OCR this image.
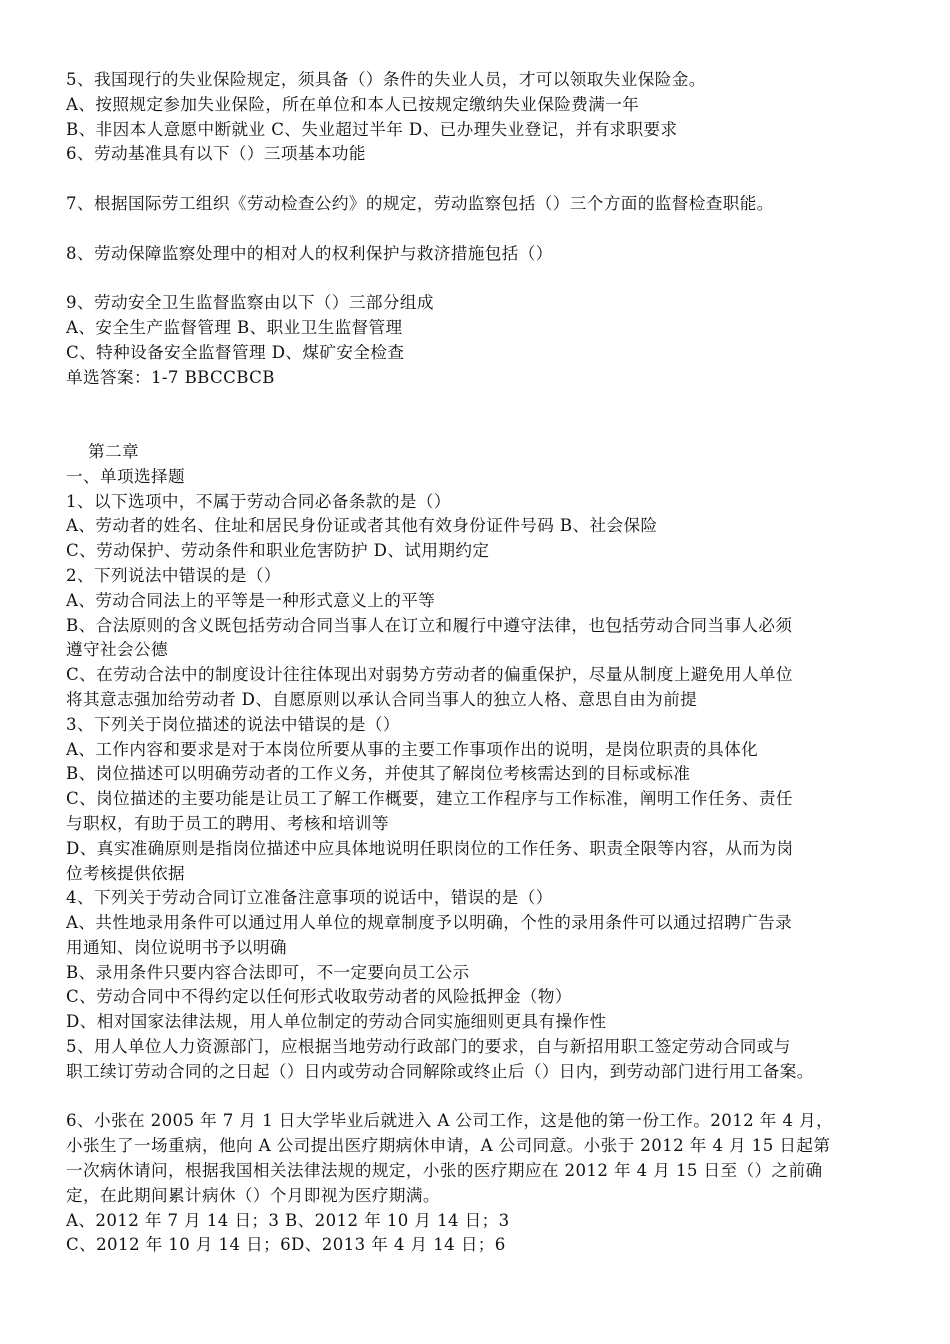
5、我国现行的失业保险规定，须具备（）条件的失业人员，才可以领取失业保险金。
A、按照规定参加失业保险，所在单位和本人已按规定缴纳失业保险费满一年
B、非因本人意愿中断就业 C、失业超过半年 D、已办理失业登记，并有求职要求
6、劳动基准具有以下（）三项基本功能

7、根据国际劳工组织《劳动检查公约》的规定，劳动监察包括（）三个方面的监督检查职能。

8、劳动保障监察处理中的相对人的权利保护与救济措施包括（）

9、劳动安全卫生监督监察由以下（）三部分组成
A、安全生产监督管理 B、职业卫生监督管理
C、特种设备安全监督管理 D、煤矿安全检查
单选答案：1-7 BBCCBCB

第二章
一、单项选择题
1、以下选项中，不属于劳动合同必备条款的是（）
A、劳动者的姓名、住址和居民身份证或者其他有效身份证件号码 B、社会保险
C、劳动保护、劳动条件和职业危害防护 D、试用期约定
2、下列说法中错误的是（）
A、劳动合同法上的平等是一种形式意义上的平等
B、合法原则的含义既包括劳动合同当事人在订立和履行中遵守法律，也包括劳动合同当事人必须
遵守社会公德
C、在劳动合法中的制度设计往往体现出对弱势方劳动者的偏重保护，尽量从制度上避免用人单位
将其意志强加给劳动者 D、自愿原则以承认合同当事人的独立人格、意思自由为前提
3、下列关于岗位描述的说法中错误的是（）
A、工作内容和要求是对于本岗位所要从事的主要工作事项作出的说明，是岗位职责的具体化
B、岗位描述可以明确劳动者的工作义务，并使其了解岗位考核需达到的目标或标准
C、岗位描述的主要功能是让员工了解工作概要，建立工作程序与工作标准，阐明工作任务、责任
与职权，有助于员工的聘用、考核和培训等
D、真实准确原则是指岗位描述中应具体地说明任职岗位的工作任务、职责全限等内容，从而为岗
位考核提供依据
4、下列关于劳动合同订立准备注意事项的说话中，错误的是（）
A、共性地录用条件可以通过用人单位的规章制度予以明确，个性的录用条件可以通过招聘广告录
用通知、岗位说明书予以明确
B、录用条件只要内容合法即可，不一定要向员工公示
C、劳动合同中不得约定以任何形式收取劳动者的风险抵押金（物）
D、相对国家法律法规，用人单位制定的劳动合同实施细则更具有操作性
5、用人单位人力资源部门，应根据当地劳动行政部门的要求，自与新招用职工签定劳动合同或与
职工续订劳动合同的之日起（）日内或劳动合同解除或终止后（）日内，到劳动部门进行用工备案。

6、小张在 2005 年 7 月 1 日大学毕业后就进入 A 公司工作，这是他的第一份工作。2012 年 4 月，
小张生了一场重病，他向 A 公司提出医疗期病休申请，A 公司同意。小张于 2012 年 4 月 15 日起第
一次病休请问，根据我国相关法律法规的规定，小张的医疗期应在 2012 年 4 月 15 日至（）之前确
定，在此期间累计病休（）个月即视为医疗期满。
A、2012 年 7 月 14 日；3 B、2012 年 10 月 14 日；3
C、2012 年 10 月 14 日；6D、2013 年 4 月 14 日；6
